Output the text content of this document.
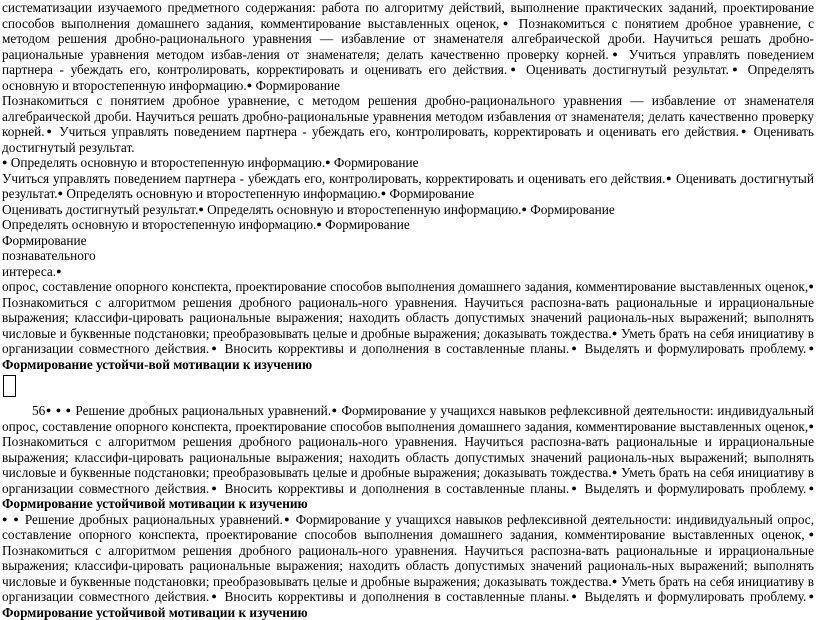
систематизации изучаемого предметного содержания: работа по алгоритму действий, выполнение практических заданий, проектирование способов выполнения домашнего задания, комментирование выставленных оценок,● Познакомиться с понятием дробное уравнение, с методом решения дробно-рационального уравнения — избавление от знаменателя алгебраической дроби. Научиться решать дробно-рациональные уравнения методом избав-ления от знаменателя; делать качественно проверку корней.● Учиться управлять поведением партнера - убеждать его, контролировать, корректировать и оценивать его действия.● Оценивать достигнутый результат.● Определять основную и второстепенную информацию.● Формирование

Познакомиться с понятием дробное уравнение, с методом решения дробно-рационального уравнения — избавление от знаменателя алгебраической дроби. Научиться решать дробно-рациональные уравнения методом избавления от знаменателя; делать качественно проверку корней.● Учиться управлять поведением партнера - убеждать его, контролировать, корректировать и оценивать его действия.● Оценивать достигнутый результат.
● Определять основную и второстепенную информацию.● Формирование

Учиться управлять поведением партнера - убеждать его, контролировать, корректировать и оценивать его действия.● Оценивать достигнутый результат.● Определять основную и второстепенную информацию.● Формирование

Оценивать достигнутый результат.● Определять основную и второстепенную информацию.● Формирование

Определять основную и второстепенную информацию.● Формирование

Формирование
познавательного
интереса.●

опрос, составление опорного конспекта, проектирование способов выполнения домашнего задания, комментирование выставленных оценок,● Познакомиться с алгоритмом решения дробного рациональ-ного уравнения. Научиться распозна-вать рациональные и иррациональные выражения; классифи-цировать рациональные выражения; находить область допустимых значений рациональ-ных выражений; выполнять числовые и буквенные подстановки; преобразовывать целые и дробные выражения; доказывать тождества.● Уметь брать на себя инициативу в организации совместного действия.● Вносить коррективы и дополнения в составленные планы.● Выделять и формулировать проблему.● Формирование устойчи-вой мотивации к изучению

56● ● ● Решение дробных рациональных уравнений.● Формирование у учащихся навыков рефлексивной деятельности: индивидуальный опрос, составление опорного конспекта, проектирование способов выполнения домашнего задания, комментирование выставленных оценок,● Познакомиться с алгоритмом решения дробного рациональ-ного уравнения. Научиться распозна-вать рациональные и иррациональные выражения; классифи-цировать рациональные выражения; находить область допустимых значений рациональ-ных выражений; выполнять числовые и буквенные подстановки; преобразовывать целые и дробные выражения; доказывать тождества.● Уметь брать на себя инициативу в организации совместного действия.● Вносить коррективы и дополнения в составленные планы.● Выделять и формулировать проблему.● Формирование устойчивой мотивации к изучению

● ● Решение дробных рациональных уравнений.● Формирование у учащихся навыков рефлексивной деятельности: индивидуальный опрос, составление опорного конспекта, проектирование способов выполнения домашнего задания, комментирование выставленных оценок,● Познакомиться с алгоритмом решения дробного рациональ-ного уравнения. Научиться распозна-вать рациональные и иррациональные выражения; классифи-цировать рациональные выражения; находить область допустимых значений рациональ-ных выражений; выполнять числовые и буквенные подстановки; преобразовывать целые и дробные выражения; доказывать тождества.● Уметь брать на себя инициативу в организации совместного действия.● Вносить коррективы и дополнения в составленные планы.● Выделять и формулировать проблему.● Формирование устойчивой мотивации к изучению
